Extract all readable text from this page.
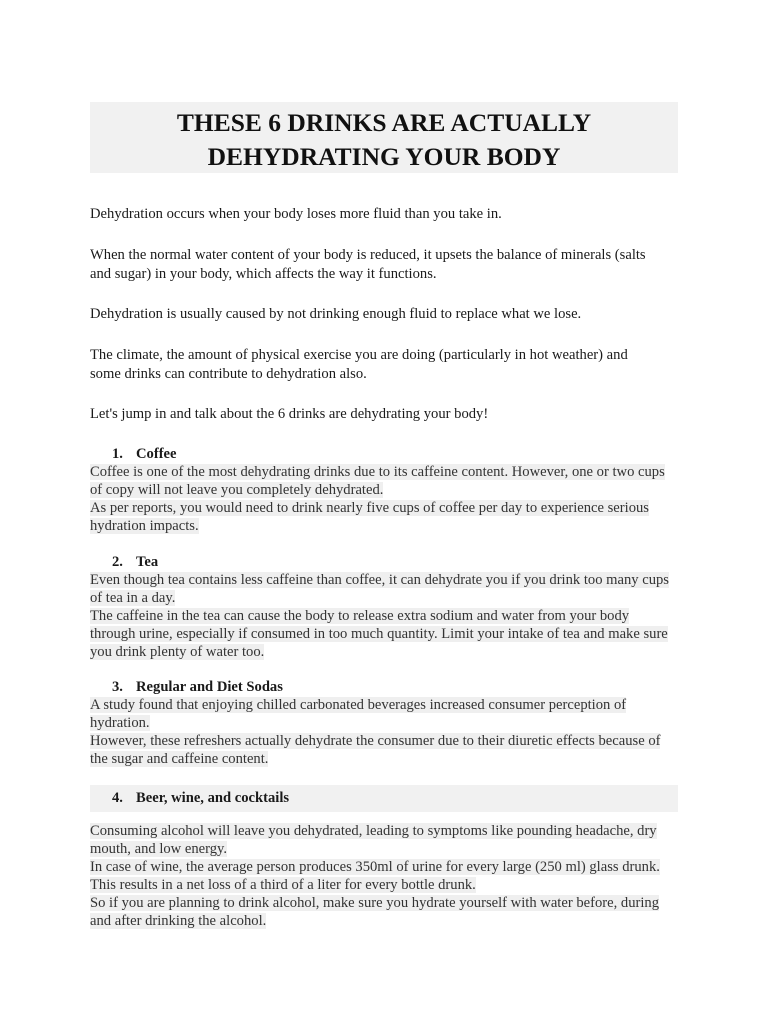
THESE 6 DRINKS ARE ACTUALLY
DEHYDRATING YOUR BODY

Dehydration occurs when your body loses more fluid than you take in.

When the normal water content of your body is reduced, it upsets the balance of minerals (salts
and sugar) in your body, which affects the way it functions.

Dehydration is usually caused by not drinking enough fluid to replace what we lose.

The climate, the amount of physical exercise you are doing (particularly in hot weather) and
some drinks can contribute to dehydration also.

Let's jump in and talk about the 6 drinks are dehydrating your body!

1. Coffee
Coffee is one of the most dehydrating drinks due to its caffeine content. However, one or two cups
of copy will not leave you completely dehydrated.
As per reports, you would need to drink nearly five cups of coffee per day to experience serious
hydration impacts.
2. Tea
Even though tea contains less caffeine than coffee, it can dehydrate you if you drink too many cups
of tea in a day.
The caffeine in the tea can cause the body to release extra sodium and water from your body
through urine, especially if consumed in too much quantity. Limit your intake of tea and make sure
you drink plenty of water too.
3. Regular and Diet Sodas
A study found that enjoying chilled carbonated beverages increased consumer perception of
hydration.
However, these refreshers actually dehydrate the consumer due to their diuretic effects because of
the sugar and caffeine content.
4. Beer, wine, and cocktails
Consuming alcohol will leave you dehydrated, leading to symptoms like pounding headache, dry
mouth, and low energy.
In case of wine, the average person produces 350ml of urine for every large (250 ml) glass drunk.
This results in a net loss of a third of a liter for every bottle drunk.
So if you are planning to drink alcohol, make sure you hydrate yourself with water before, during
and after drinking the alcohol.
